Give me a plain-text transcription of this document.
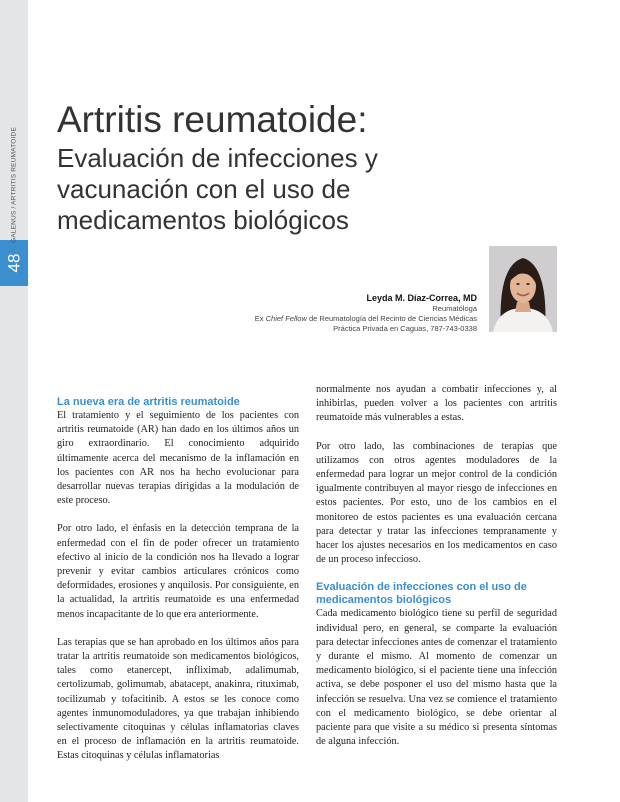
48
GALENUS / ARTRITIS REUMATOIDE
Artritis reumatoide:
Evaluación de infecciones y vacunación con el uso de medicamentos biológicos
Leyda M. Díaz-Correa, MD
Reumatóloga
Ex Chief Fellow de Reumatología del Recinto de Ciencias Médicas
Práctica Privada en Caguas, 787-743-0338
La nueva era de artritis reumatoide

El tratamiento y el seguimiento de los pacientes con artritis reumatoide (AR) han dado en los últimos años un giro extraordinario. El conocimiento adquirido últimamente acerca del mecanismo de la inflamación en los pacientes con AR nos ha hecho evolucionar para desarrollar nuevas terapias dirigidas a la modulación de este proceso.

Por otro lado, el énfasis en la detección temprana de la enfermedad con el fin de poder ofrecer un tratamiento efectivo al inicio de la condición nos ha llevado a lograr prevenir y evitar cambios articulares crónicos como deformidades, erosiones y anquilosis. Por consiguiente, en la actualidad, la artritis reumatoide es una enfermedad menos incapacitante de lo que era anteriormente.

Las terapias que se han aprobado en los últimos años para tratar la artritis reumatoide son medicamentos biológicos, tales como etanercept, infliximab, adalimumab, certolizumab, golimumab, abatacept, anakinra, rituximab, tocilizumab y tofacitinib. A estos se les conoce como agentes inmunomoduladores, ya que trabajan inhibiendo selectivamente citoquinas y células inflamatorias claves en el proceso de inflamación en la artritis reumatoide. Estas citoquinas y células inflamatorias

normalmente nos ayudan a combatir infecciones y, al inhibirlas, pueden volver a los pacientes con artritis reumatoide más vulnerables a estas.

Por otro lado, las combinaciones de terapias que utilizamos con otros agentes moduladores de la enfermedad para lograr un mejor control de la condición igualmente contribuyen al mayor riesgo de infecciones en estos pacientes. Por esto, uno de los cambios en el monitoreo de estos pacientes es una evaluación cercana para detectar y tratar las infecciones tempranamente y hacer los ajustes necesarios en los medicamentos en caso de un proceso infeccioso.

Evaluación de infecciones con el uso de medicamentos biológicos

Cada medicamento biológico tiene su perfil de seguridad individual pero, en general, se comparte la evaluación para detectar infecciones antes de comenzar el tratamiento y durante el mismo. Al momento de comenzar un medicamento biológico, si el paciente tiene una infección activa, se debe posponer el uso del mismo hasta que la infección se resuelva. Una vez se comience el tratamiento con el medicamento biológico, se debe orientar al paciente para que visite a su médico si presenta síntomas de alguna infección.
